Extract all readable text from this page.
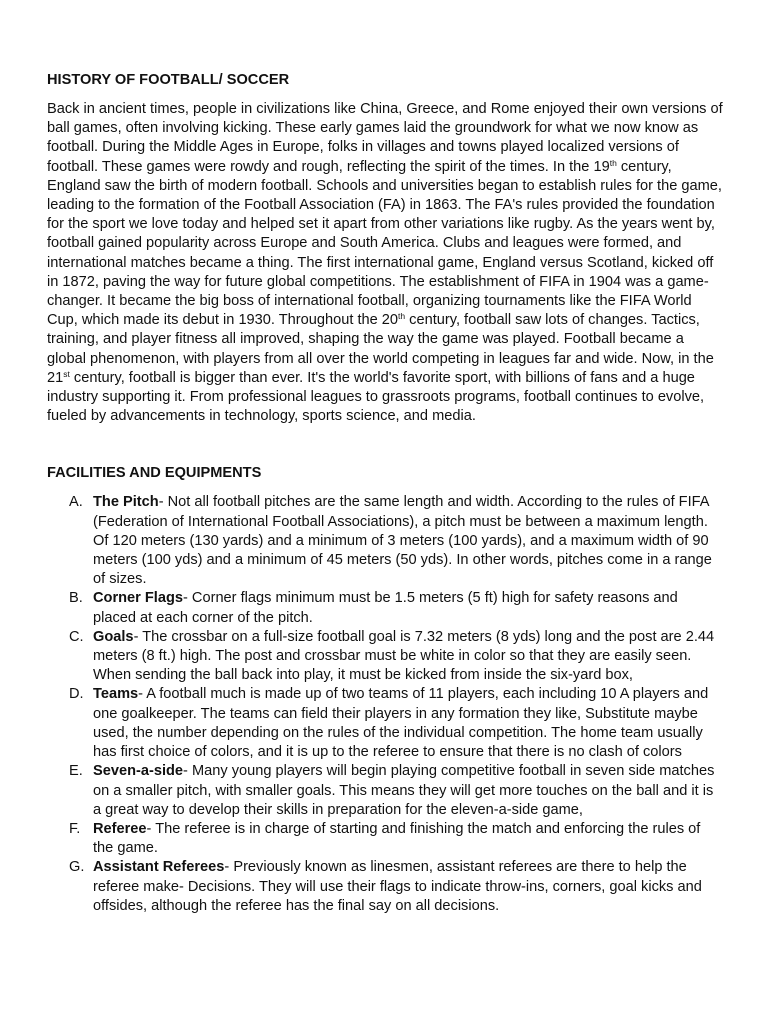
HISTORY OF FOOTBALL/ SOCCER

Back in ancient times, people in civilizations like China, Greece, and Rome enjoyed their own versions of ball games, often involving kicking. These early games laid the groundwork for what we now know as football. During the Middle Ages in Europe, folks in villages and towns played localized versions of football. These games were rowdy and rough, reflecting the spirit of the times. In the 19th century, England saw the birth of modern football. Schools and universities began to establish rules for the game, leading to the formation of the Football Association (FA) in 1863. The FA's rules provided the foundation for the sport we love today and helped set it apart from other variations like rugby. As the years went by, football gained popularity across Europe and South America. Clubs and leagues were formed, and international matches became a thing. The first international game, England versus Scotland, kicked off in 1872, paving the way for future global competitions. The establishment of FIFA in 1904 was a game-changer. It became the big boss of international football, organizing tournaments like the FIFA World Cup, which made its debut in 1930. Throughout the 20th century, football saw lots of changes. Tactics, training, and player fitness all improved, shaping the way the game was played. Football became a global phenomenon, with players from all over the world competing in leagues far and wide. Now, in the 21st century, football is bigger than ever. It's the world's favorite sport, with billions of fans and a huge industry supporting it. From professional leagues to grassroots programs, football continues to evolve, fueled by advancements in technology, sports science, and media.

FACILITIES AND EQUIPMENTS
A. The Pitch- Not all football pitches are the same length and width. According to the rules of FIFA (Federation of International Football Associations), a pitch must be between a maximum length. Of 120 meters (130 yards) and a minimum of 3 meters (100 yards), and a maximum width of 90 meters (100 yds) and a minimum of 45 meters (50 yds). In other words, pitches come in a range of sizes.
B. Corner Flags- Corner flags minimum must be 1.5 meters (5 ft) high for safety reasons and placed at each corner of the pitch.
C. Goals- The crossbar on a full-size football goal is 7.32 meters (8 yds) long and the post are 2.44 meters (8 ft.) high. The post and crossbar must be white in color so that they are easily seen. When sending the ball back into play, it must be kicked from inside the six-yard box,
D. Teams- A football much is made up of two teams of 11 players, each including 10 A players and one goalkeeper. The teams can field their players in any formation they like, Substitute maybe used, the number depending on the rules of the individual competition. The home team usually has first choice of colors, and it is up to the referee to ensure that there is no clash of colors
E. Seven-a-side- Many young players will begin playing competitive football in seven side matches on a smaller pitch, with smaller goals. This means they will get more touches on the ball and it is a great way to develop their skills in preparation for the eleven-a-side game,
F. Referee- The referee is in charge of starting and finishing the match and enforcing the rules of the game.
G. Assistant Referees- Previously known as linesmen, assistant referees are there to help the referee make- Decisions. They will use their flags to indicate throw-ins, corners, goal kicks and offsides, although the referee has the final say on all decisions.
